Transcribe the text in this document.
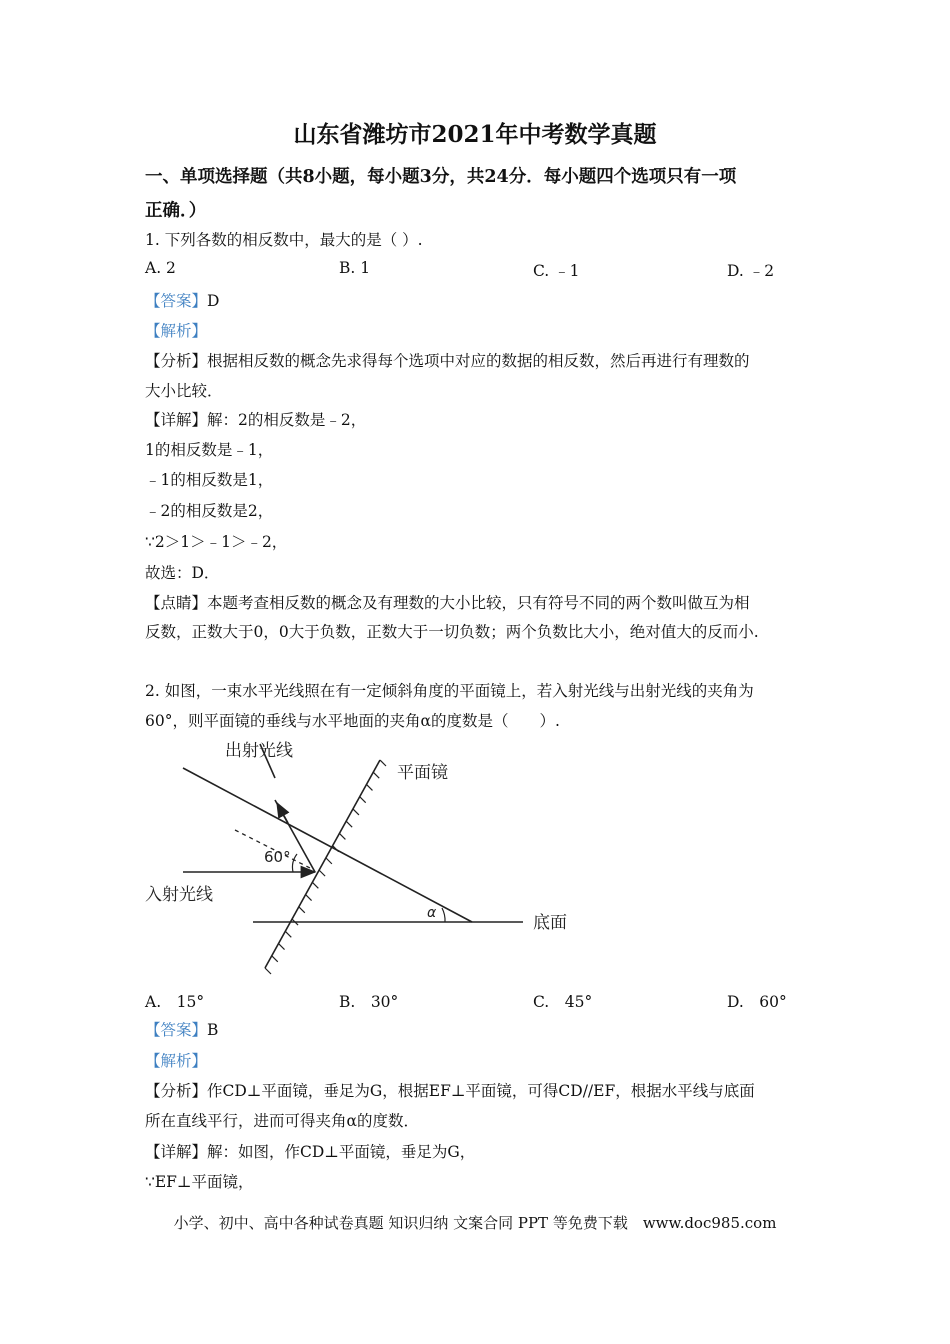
山东省潍坊市2021年中考数学真题
一、单项选择题（共8小题，每小题3分，共24分．每小题四个选项只有一项
正确．）
1. 下列各数的相反数中，最大的是（ ）.
A. 2	B. 1	C. ﹣1	D. ﹣2
【答案】D
【解析】
【分析】根据相反数的概念先求得每个选项中对应的数据的相反数，然后再进行有理数的
大小比较．
【详解】解：2的相反数是﹣2，
1的相反数是﹣1，
﹣1的相反数是1，
﹣2的相反数是2，
∵2＞1＞﹣1＞﹣2，
故选：D．
【点睛】本题考查相反数的概念及有理数的大小比较，只有符号不同的两个数叫做互为相
反数，正数大于0，0大于负数，正数大于一切负数；两个负数比大小，绝对值大的反而小.
2. 如图，一束水平光线照在有一定倾斜角度的平面镜上，若入射光线与出射光线的夹角为
60°，则平面镜的垂线与水平地面的夹角α的度数是（　　）.
出射光线
平面镜
入射光线
60°
α	底面
A.　15°	B.　30°	C.　45°	D.　60°
【答案】B
【解析】
【分析】作CD⊥平面镜，垂足为G，根据EF⊥平面镜，可得CD//EF，根据水平线与底面
所在直线平行，进而可得夹角α的度数．
【详解】解：如图，作CD⊥平面镜，垂足为G，
∵EF⊥平面镜，
小学、初中、高中各种试卷真题 知识归纳 文案合同 PPT 等免费下载　www.doc985.com
